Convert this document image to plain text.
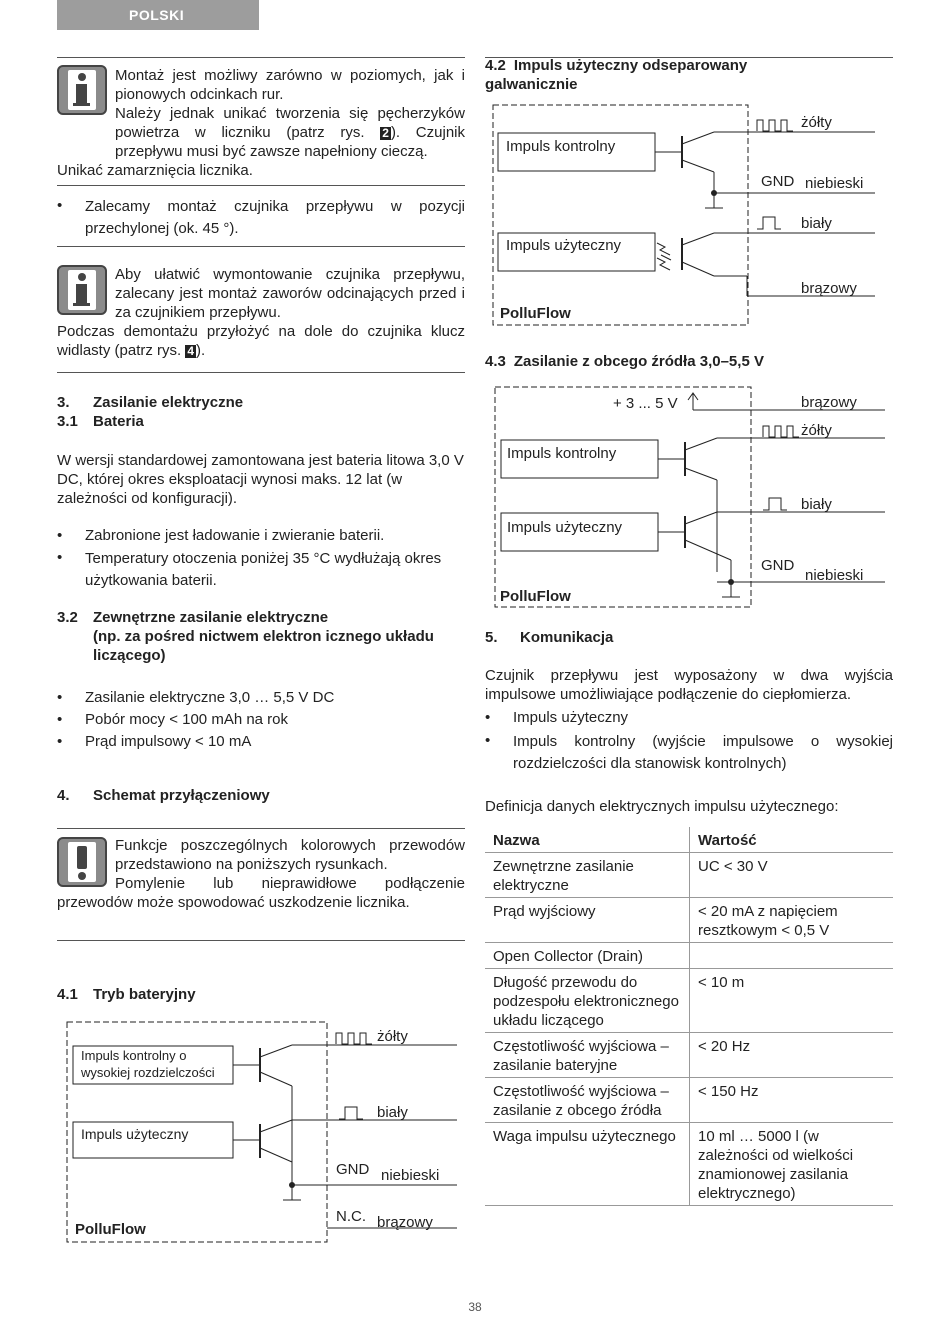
POLSKI

Montaż jest możliwy zarówno w poziomych, jak i pionowych odcinkach rur.

Należy jednak unikać tworzenia się pęcherzyków powietrza w liczniku (patrz rys. 2 ). Czujnik przepływu musi być zawsze napełniony cieczą.

Unikać zamarznięcia licznika.

• Zalecamy montaż czujnika przepływu w pozycji przechylonej (ok. 45 °).
Aby ułatwić wymontowanie czujnika przepływu, zalecany jest montaż zaworów odcinających przed i za czujnikiem przepływu.
Podczas demontażu przyłożyć na dole do czujnika klucz widlasty (patrz rys. 4 ).
3. Zasilanie elektryczne
3.1 Bateria
W wersji standardowej zamontowana jest bateria litowa 3,0 V DC, której okres eksploatacji wynosi maks. 12 lat (w zależności od konfiguracji).
• Zabronione jest ładowanie i zwieranie baterii.
• Temperatury otoczenia poniżej 35 °C wydłużają okres użytkowania baterii.
3.2 Zewnętrzne zasilanie elektryczne
(np. za pośred nictwem elektron icznego układu
liczącego)
• Zasilanie elektryczne 3,0 … 5,5 V DC
• Pobór mocy < 100 mAh na rok
• Prąd impulsowy < 10 mA
4. Schemat przyłączeniowy
Funkcje poszczególnych kolorowych przewodów przedstawiono na poniższych rysunkach.
Pomylenie lub nieprawidłowe podłączenie przewodów może spowodować uszkodzenie licznika.
4.1 Tryb bateryjny
Impuls kontrolny o
wysokiej rozdzielczości
Impuls użyteczny
żółty
biały
GND niebieski
N.C. brązowy
PolluFlow
4.2 Impuls użyteczny odseparowany
galwanicznie
Impuls kontrolny
Impuls użyteczny
żółty
GND niebieski
biały
brązowy
PolluFlow
4.3 Zasilanie z obcego źródła 3,0–5,5 V
+ 3 ... 5 V
Impuls kontrolny
Impuls użyteczny
brązowy
żółty
biały
GND
niebieski
PolluFlow
5. Komunikacja
Czujnik przepływu jest wyposażony w dwa wyjścia impulsowe umożliwiające podłączenie do ciepłomierza.
• Impuls użyteczny
• Impuls kontrolny (wyjście impulsowe o wysokiej rozdzielczości dla stanowisk kontrolnych)
Definicja danych elektrycznych impulsu użytecznego:
Nazwa	Wartość
Zewnętrzne zasilanie elektryczne	UC < 30 V
Prąd wyjściowy	< 20 mA z napięciem resztkowym < 0,5 V
Open Collector (Drain)	
Długość przewodu do podzespołu elektronicznego układu liczącego	< 10 m
Częstotliwość wyjściowa – zasilanie bateryjne	< 20 Hz
Częstotliwość wyjściowa – zasilanie z obcego źródła	< 150 Hz
Waga impulsu użytecznego	10 ml … 5000 l (w zależności od wielkości znamionowej zasilania elektrycznego)
38
